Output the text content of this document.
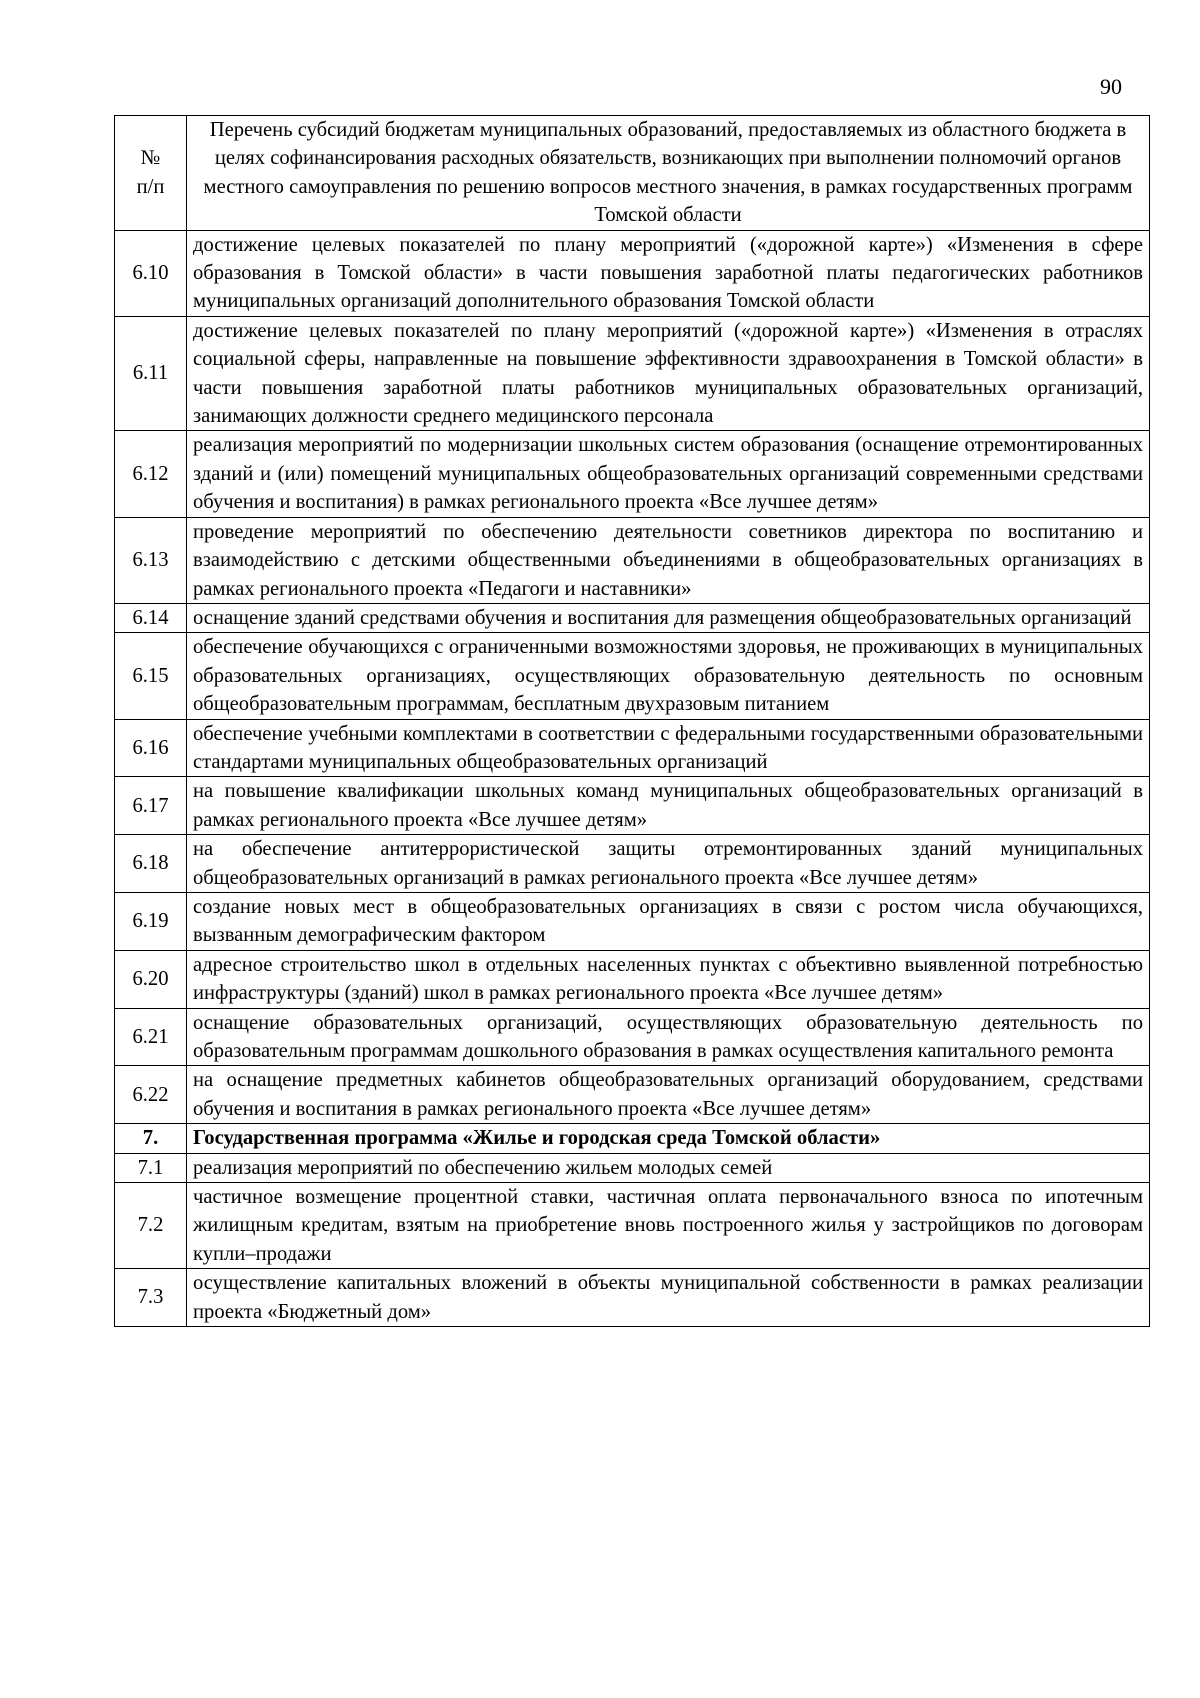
90
№
п/п	Перечень субсидий бюджетам муниципальных образований, предоставляемых из областного бюджета в целях софинансирования расходных обязательств, возникающих при выполнении полномочий органов местного самоуправления по решению вопросов местного значения, в рамках государственных программ Томской области
6.10	достижение целевых показателей по плану мероприятий («дорожной карте») «Изменения в сфере образования в Томской области» в части повышения заработной платы педагогических работников муниципальных организаций дополнительного образования Томской области
6.11	достижение целевых показателей по плану мероприятий («дорожной карте») «Изменения в отраслях социальной сферы, направленные на повышение эффективности здравоохранения в Томской области» в части повышения заработной платы работников муниципальных образовательных организаций, занимающих должности среднего медицинского персонала
6.12	реализация мероприятий по модернизации школьных систем образования (оснащение отремонтированных зданий и (или) помещений муниципальных общеобразовательных организаций современными средствами обучения и воспитания) в рамках регионального проекта «Все лучшее детям»
6.13	проведение мероприятий по обеспечению деятельности советников директора по воспитанию и взаимодействию с детскими общественными объединениями в общеобразовательных организациях в рамках регионального проекта «Педагоги и наставники»
6.14	оснащение зданий средствами обучения и воспитания для размещения общеобразовательных организаций
6.15	обеспечение обучающихся с ограниченными возможностями здоровья, не проживающих в муниципальных образовательных организациях, осуществляющих образовательную деятельность по основным общеобразовательным программам, бесплатным двухразовым питанием
6.16	обеспечение учебными комплектами в соответствии с федеральными государственными образовательными стандартами муниципальных общеобразовательных организаций
6.17	на повышение квалификации школьных команд муниципальных общеобразовательных организаций в рамках регионального проекта «Все лучшее детям»
6.18	на обеспечение антитеррористической защиты отремонтированных зданий муниципальных общеобразовательных организаций в рамках регионального проекта «Все лучшее детям»
6.19	создание новых мест в общеобразовательных организациях в связи с ростом числа обучающихся, вызванным демографическим фактором
6.20	адресное строительство школ в отдельных населенных пунктах с объективно выявленной потребностью инфраструктуры (зданий) школ в рамках регионального проекта «Все лучшее детям»
6.21	оснащение образовательных организаций, осуществляющих образовательную деятельность по образовательным программам дошкольного образования в рамках осуществления капитального ремонта
6.22	на оснащение предметных кабинетов общеобразовательных организаций оборудованием, средствами обучения и воспитания в рамках регионального проекта «Все лучшее детям»
7.	Государственная программа «Жилье и городская среда Томской области»
7.1	реализация мероприятий по обеспечению жильем молодых семей
7.2	частичное возмещение процентной ставки, частичная оплата первоначального взноса по ипотечным жилищным кредитам, взятым на приобретение вновь построенного жилья у застройщиков по договорам купли–продажи
7.3	осуществление капитальных вложений в объекты муниципальной собственности в рамках реализации проекта «Бюджетный дом»
